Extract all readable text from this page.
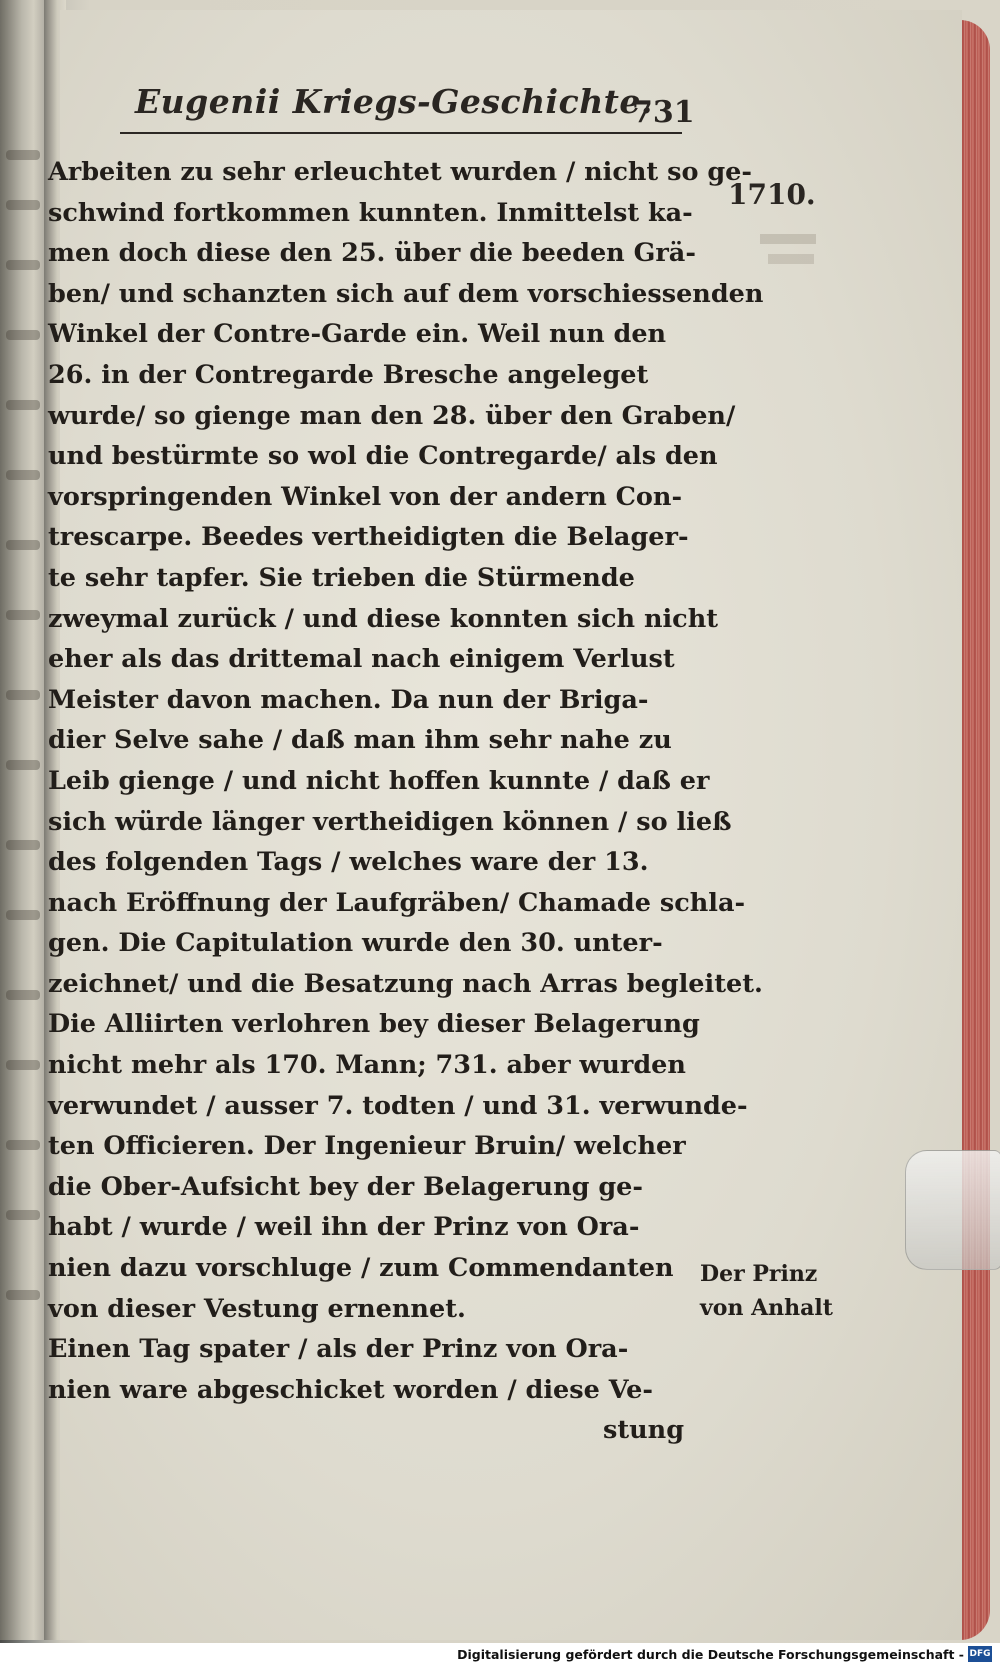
Eugenii Kriegs-Geschichte.
731
1710.
Arbeiten zu sehr erleuchtet wurden / nicht so ge-
schwind fortkommen kunnten. Inmittelst ka-
men doch diese den 25. über die beeden Grä-
ben/ und schanzten sich auf dem vorschiessenden
Winkel der Contre-Garde ein. Weil nun den
26. in der Contregarde Bresche angeleget
wurde/ so gienge man den 28. über den Graben/
und bestürmte so wol die Contregarde/ als den
vorspringenden Winkel von der andern Con-
trescarpe. Beedes vertheidigten die Belager-
te sehr tapfer. Sie trieben die Stürmende
zweymal zurück / und diese konnten sich nicht
eher als das drittemal nach einigem Verlust
Meister davon machen. Da nun der Briga-
dier Selve sahe / daß man ihm sehr nahe zu
Leib gienge / und nicht hoffen kunnte / daß er
sich würde länger vertheidigen können / so ließ
des folgenden Tags / welches ware der 13.
nach Eröffnung der Laufgräben/ Chamade schla-
gen. Die Capitulation wurde den 30. unter-
zeichnet/ und die Besatzung nach Arras begleitet.
Die Alliirten verlohren bey dieser Belagerung
nicht mehr als 170. Mann; 731. aber wurden
verwundet / ausser 7. todten / und 31. verwunde-
ten Officieren. Der Ingenieur Bruin/ welcher
die Ober-Aufsicht bey der Belagerung ge-
habt / wurde / weil ihn der Prinz von Ora-
nien dazu vorschluge / zum Commendanten
von dieser Vestung ernennet.
Einen Tag spater / als der Prinz von Ora-
nien ware abgeschicket worden / diese Ve-
stung
Der Prinz
von Anhalt
Digitalisierung gefördert durch die Deutsche Forschungsgemeinschaft - DFG
